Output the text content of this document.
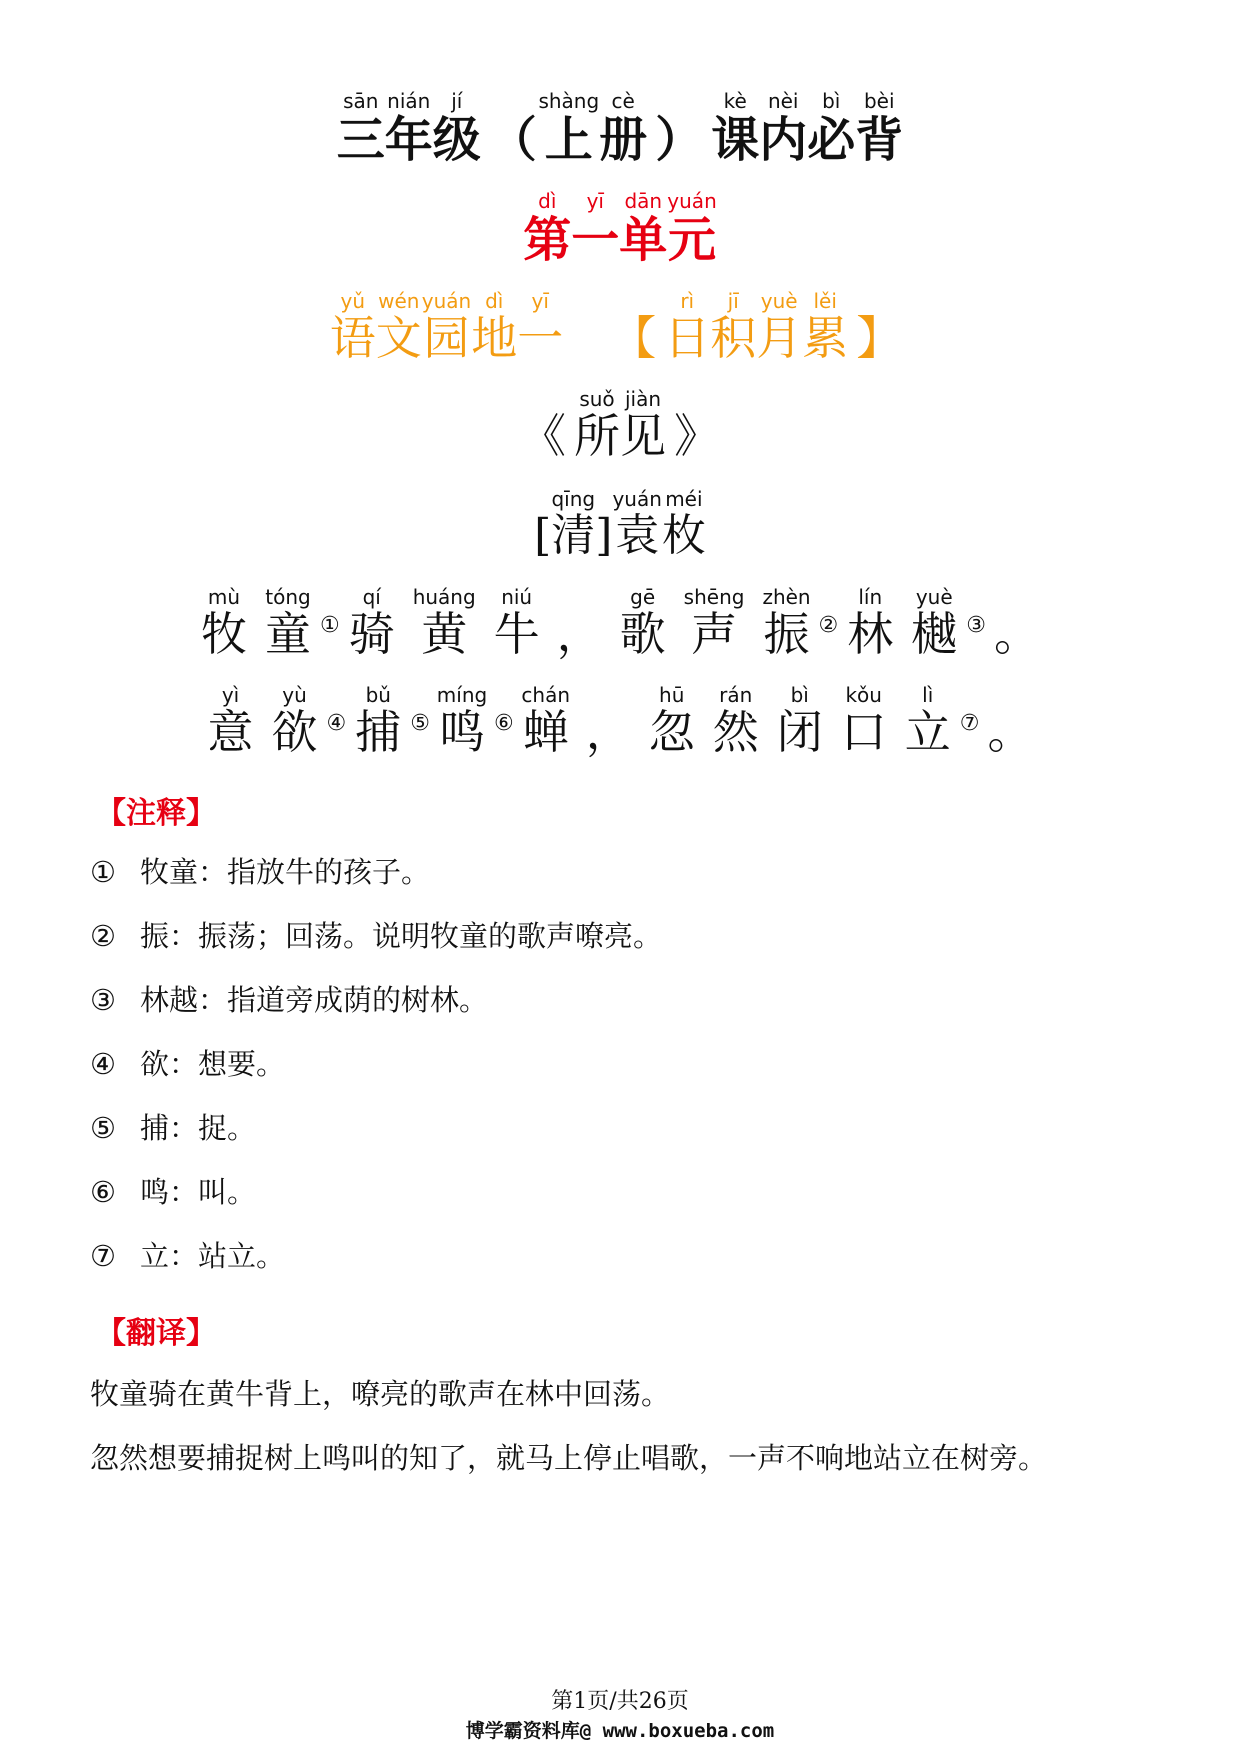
三sān年nián级jí（上shàng册cè） 课kè内nèi必bì背bèi
第dì一yī单dān元yuán
语yǔ文wén园yuán地dì一yī　【 日rì积jī月yuè累lěi】
《 所suǒ见jiàn》
[清]qīng袁yuán枚méi
牧mù童tóng① 骑qí黄huáng牛niú， 歌gē声shēng振zhèn② 林lín樾yuè③ 。
意yì欲yù④ 捕bǔ⑤ 鸣míng⑥ 蝉chán， 忽hū然rán闭bì口kǒu立lì⑦ 。
【注释】
① 牧童：指放牛的孩子。
② 振：振荡；回荡。说明牧童的歌声嘹亮。
③ 林越：指道旁成荫的树林。
④ 欲：想要。
⑤ 捕：捉。
⑥ 鸣：叫。
⑦ 立：站立。
【翻译】
牧童骑在黄牛背上，嘹亮的歌声在林中回荡。
忽然想要捕捉树上鸣叫的知了，就马上停止唱歌，一声不响地站立在树旁。
第1页/共26页
博学霸资料库@ www.boxueba.com
